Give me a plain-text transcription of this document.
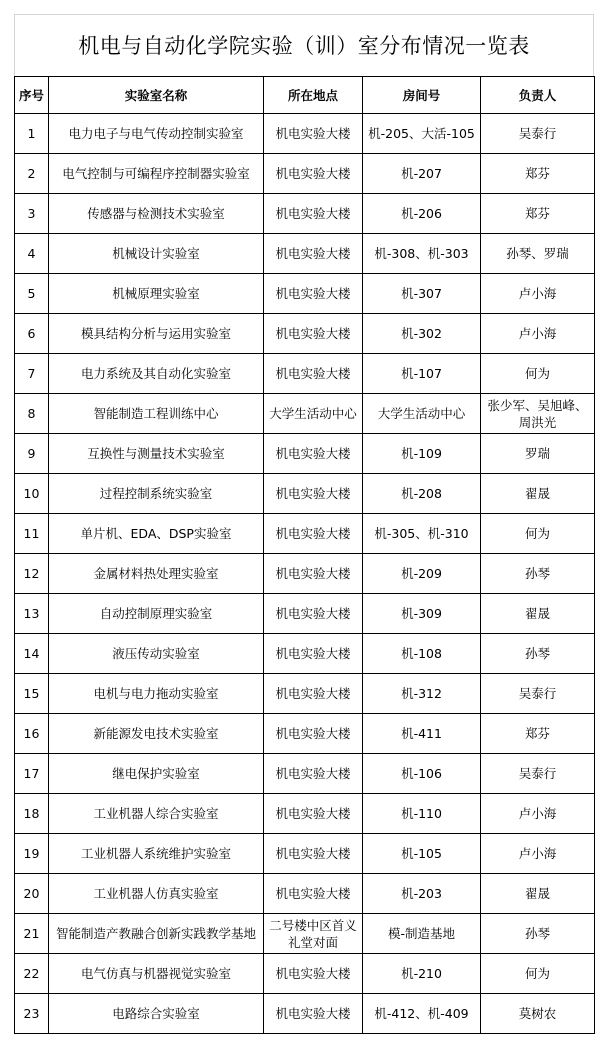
机电与自动化学院实验（训）室分布情况一览表
序号	实验室名称	所在地点	房间号	负责人
1	电力电子与电气传动控制实验室	机电实验大楼	机-205、大活-105	吴泰行
2	电气控制与可编程序控制器实验室	机电实验大楼	机-207	郑芬
3	传感器与检测技术实验室	机电实验大楼	机-206	郑芬
4	机械设计实验室	机电实验大楼	机-308、机-303	孙琴、罗瑞
5	机械原理实验室	机电实验大楼	机-307	卢小海
6	模具结构分析与运用实验室	机电实验大楼	机-302	卢小海
7	电力系统及其自动化实验室	机电实验大楼	机-107	何为
8	智能制造工程训练中心	大学生活动中心	大学生活动中心	张少军、吴旭峰、周洪光
9	互换性与测量技术实验室	机电实验大楼	机-109	罗瑞
10	过程控制系统实验室	机电实验大楼	机-208	翟晟
11	单片机、EDA、DSP实验室	机电实验大楼	机-305、机-310	何为
12	金属材料热处理实验室	机电实验大楼	机-209	孙琴
13	自动控制原理实验室	机电实验大楼	机-309	翟晟
14	液压传动实验室	机电实验大楼	机-108	孙琴
15	电机与电力拖动实验室	机电实验大楼	机-312	吴泰行
16	新能源发电技术实验室	机电实验大楼	机-411	郑芬
17	继电保护实验室	机电实验大楼	机-106	吴泰行
18	工业机器人综合实验室	机电实验大楼	机-110	卢小海
19	工业机器人系统维护实验室	机电实验大楼	机-105	卢小海
20	工业机器人仿真实验室	机电实验大楼	机-203	翟晟
21	智能制造产教融合创新实践教学基地	二号楼中区首义礼堂对面	模-制造基地	孙琴
22	电气仿真与机器视觉实验室	机电实验大楼	机-210	何为
23	电路综合实验室	机电实验大楼	机-412、机-409	莫树农
